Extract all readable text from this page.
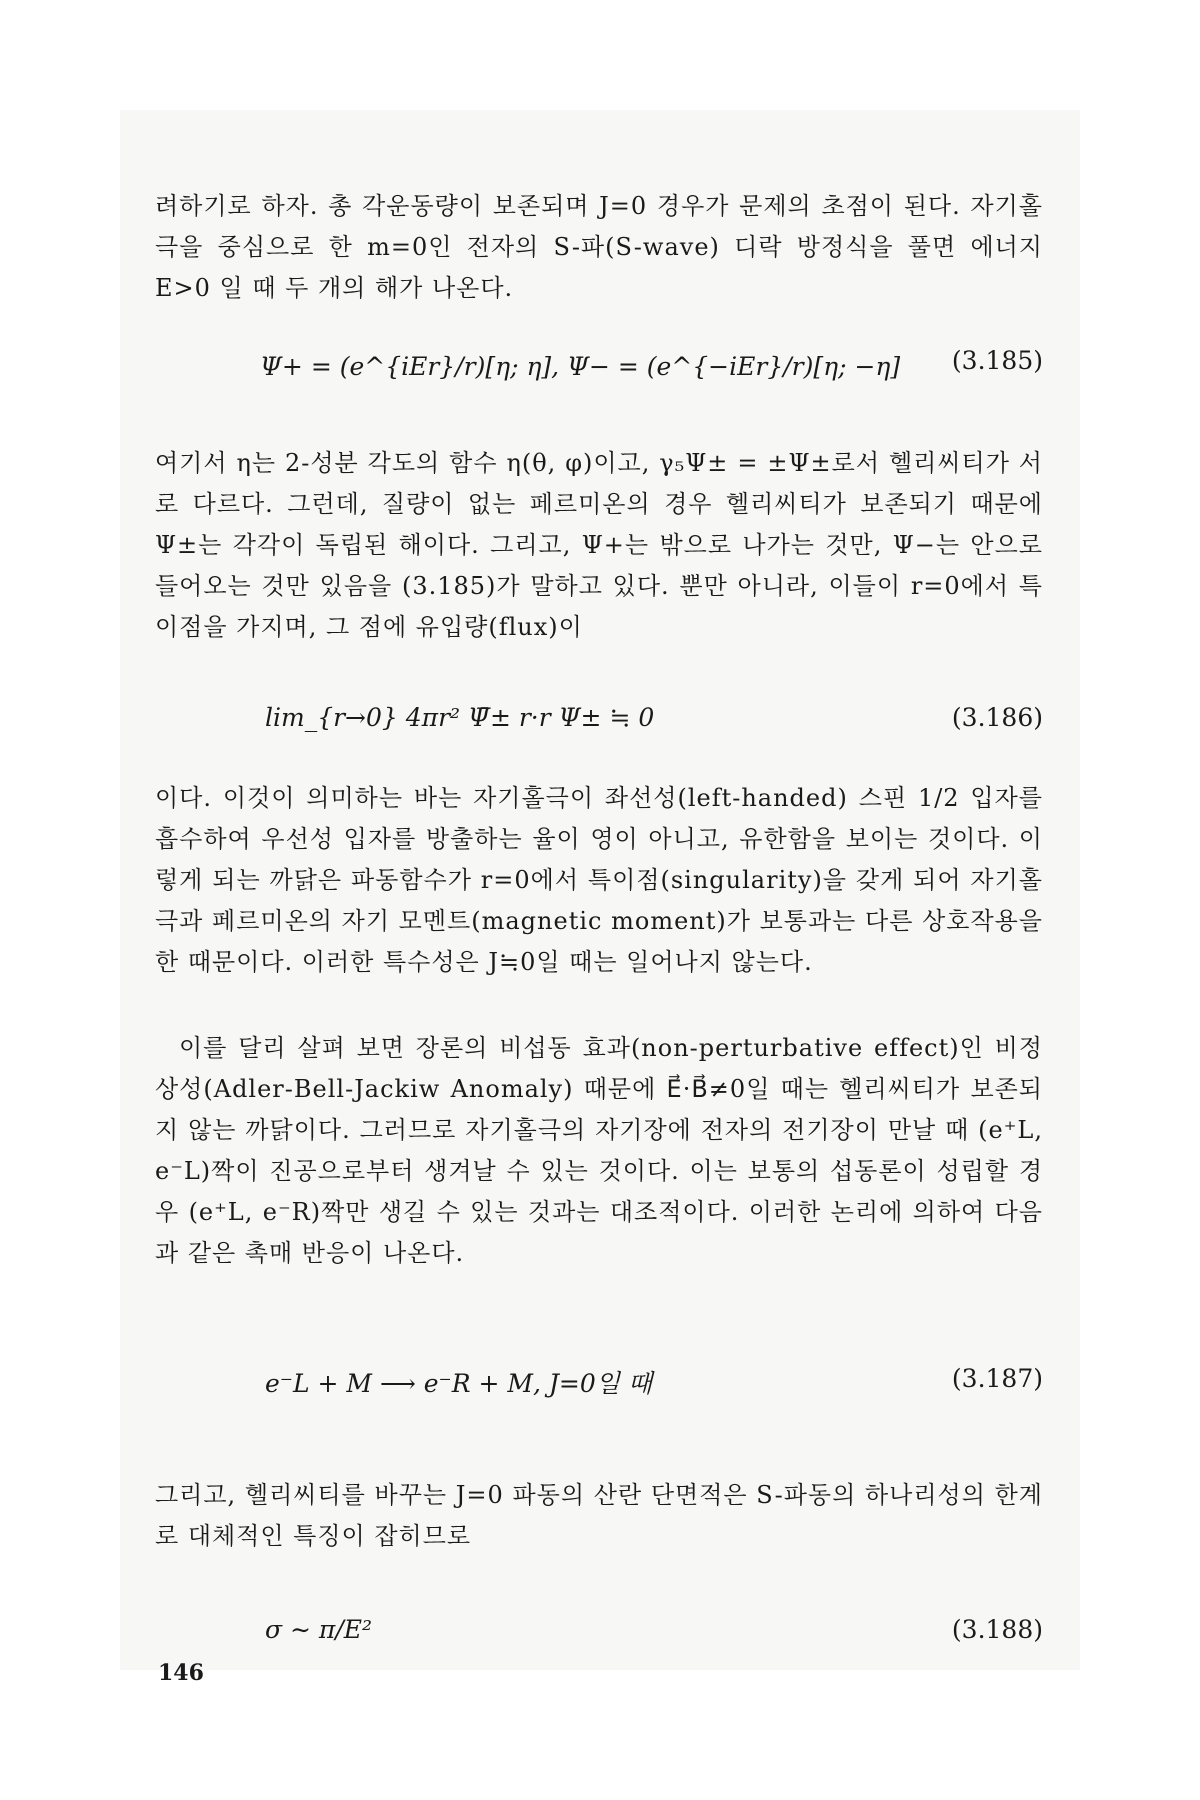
려하기로 하자. 총 각운동량이 보존되며 J=0 경우가 문제의 초점이 된다. 자기홀극을 중심으로 한 m=0인 전자의 S-파(S-wave) 디락 방정식을 풀면 에너지 E>0 일 때 두 개의 해가 나온다.

Ψ+ = (e^{iEr}/r)[η; η], Ψ− = (e^{−iEr}/r)[η; −η] (3.185)

여기서 η는 2-성분 각도의 함수 η(θ, φ)이고, γ₅Ψ± = ±Ψ±로서 헬리씨티가 서로 다르다. 그런데, 질량이 없는 페르미온의 경우 헬리씨티가 보존되기 때문에 Ψ±는 각각이 독립된 해이다. 그리고, Ψ+는 밖으로 나가는 것만, Ψ−는 안으로 들어오는 것만 있음을 (3.185)가 말하고 있다. 뿐만 아니라, 이들이 r=0에서 특이점을 가지며, 그 점에 유입량(flux)이

lim_{r→0} 4πr² Ψ̄± r·r Ψ± ≒ 0	(3.186)

이다. 이것이 의미하는 바는 자기홀극이 좌선성(left-handed) 스핀 1/2 입자를 흡수하여 우선성 입자를 방출하는 율이 영이 아니고, 유한함을 보이는 것이다. 이렇게 되는 까닭은 파동함수가 r=0에서 특이점(singularity)을 갖게 되어 자기홀극과 페르미온의 자기 모멘트(magnetic moment)가 보통과는 다른 상호작용을 한 때문이다. 이러한 특수성은 J≒0일 때는 일어나지 않는다.

이를 달리 살펴 보면 장론의 비섭동 효과(non-perturbative effect)인 비정상성(Adler-Bell-Jackiw Anomaly) 때문에 E⃗·B⃗≠0일 때는 헬리씨티가 보존되지 않는 까닭이다. 그러므로 자기홀극의 자기장에 전자의 전기장이 만날 때 (e⁺L, e⁻L)짝이 진공으로부터 생겨날 수 있는 것이다. 이는 보통의 섭동론이 성립할 경우 (e⁺L, e⁻R)짝만 생길 수 있는 것과는 대조적이다. 이러한 논리에 의하여 다음과 같은 촉매 반응이 나온다.

e⁻L + M ⟶ e⁻R + M, J=0일 때	(3.187)

그리고, 헬리씨티를 바꾸는 J=0 파동의 산란 단면적은 S-파동의 하나리성의 한계로 대체적인 특징이 잡히므로

σ ∼ π/E²	(3.188)
146
